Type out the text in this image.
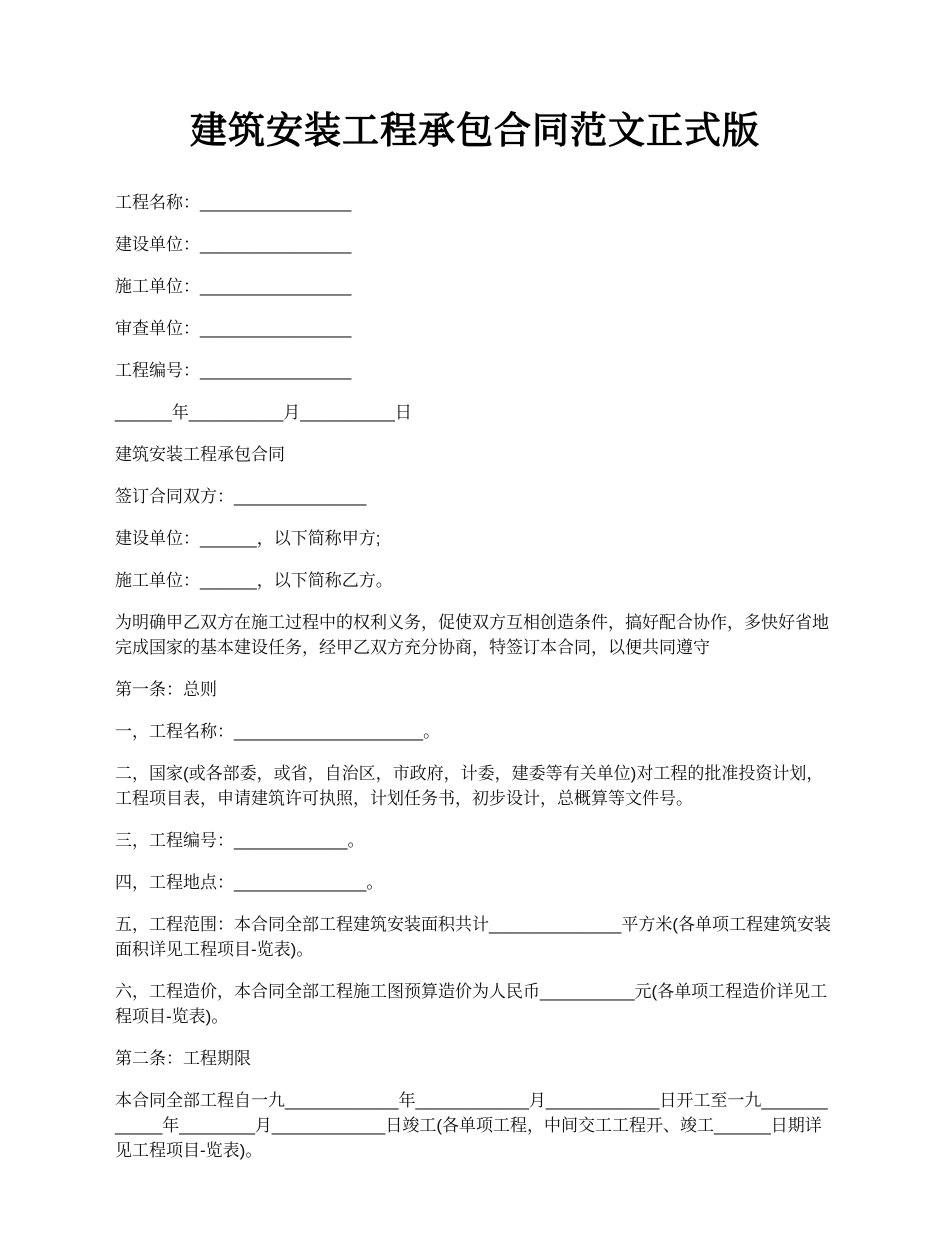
建筑安装工程承包合同范文正式版

工程名称：________________

建设单位：________________

施工单位：________________

审查单位：________________

工程编号：________________

______年__________月__________日

建筑安装工程承包合同

签订合同双方：______________

建设单位：______，以下简称甲方;

施工单位：______，以下简称乙方。

为明确甲乙双方在施工过程中的权利义务，促使双方互相创造条件，搞好配合协作，多快好省地完成国家的基本建设任务，经甲乙双方充分协商，特签订本合同，以便共同遵守

第一条：总则

一，工程名称：____________________。

二，国家(或各部委，或省，自治区，市政府，计委，建委等有关单位)对工程的批准投资计划，工程项目表，申请建筑许可执照，计划任务书，初步设计，总概算等文件号。

三，工程编号：____________。

四，工程地点：______________。

五，工程范围：本合同全部工程建筑安装面积共计______________平方米(各单项工程建筑安装面积详见工程项目-览表)。

六，工程造价，本合同全部工程施工图预算造价为人民币__________元(各单项工程造价详见工程项目-览表)。

第二条：工程期限

本合同全部工程自一九____________年____________月____________日开工至一九____________年________月____________日竣工(各单项工程，中间交工工程开、竣工______日期详见工程项目-览表)。
